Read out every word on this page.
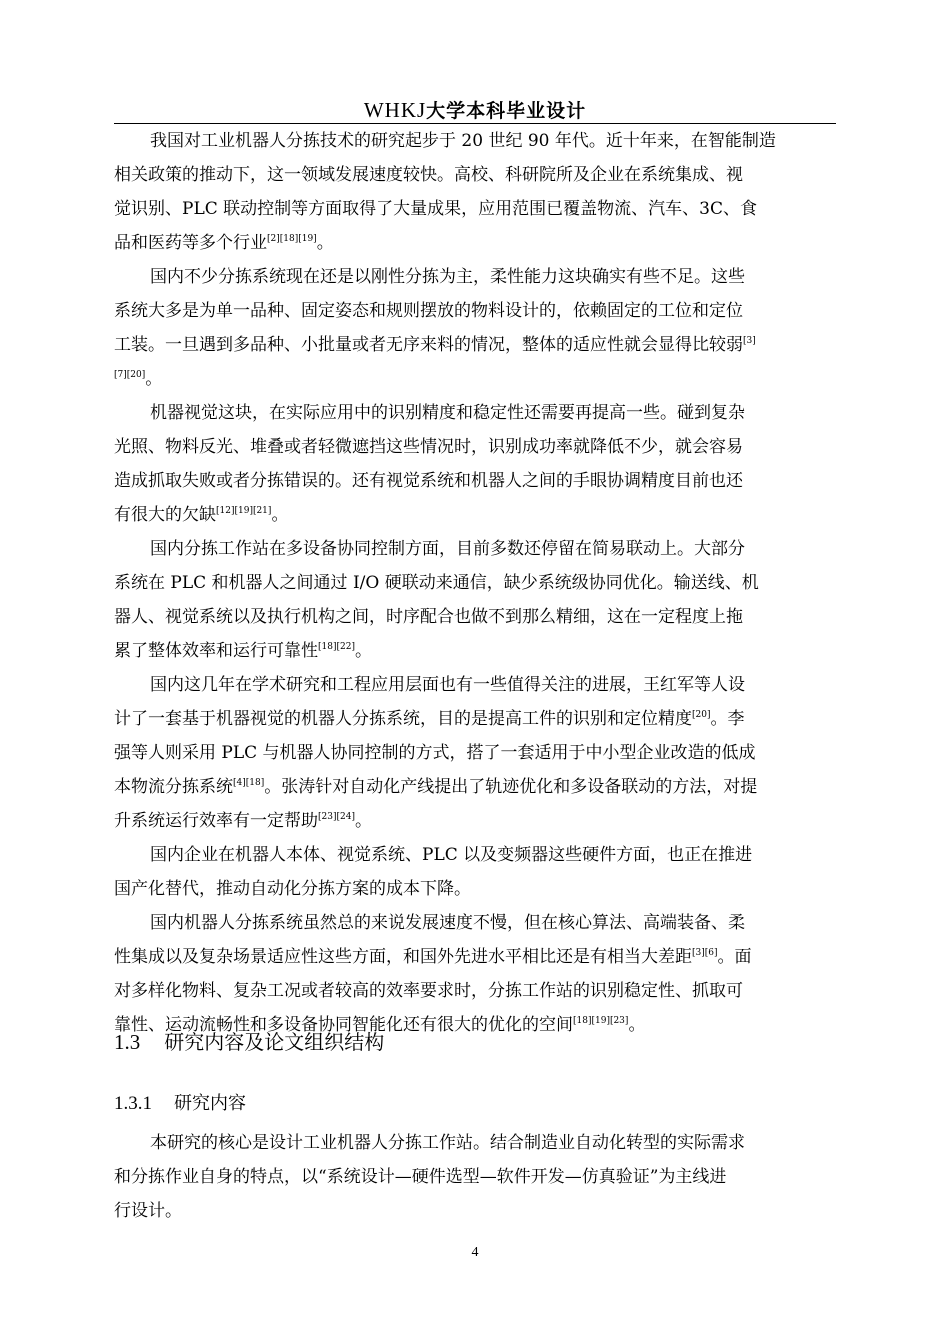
WHKJ大学本科毕业设计

我国对工业机器人分拣技术的研究起步于 20 世纪 90 年代。近十年来，在智能制造
相关政策的推动下，这一领域发展速度较快。高校、科研院所及企业在系统集成、视
觉识别、PLC 联动控制等方面取得了大量成果，应用范围已覆盖物流、汽车、3C、食
品和医药等多个行业[2][18][19]。

国内不少分拣系统现在还是以刚性分拣为主，柔性能力这块确实有些不足。这些
系统大多是为单一品种、固定姿态和规则摆放的物料设计的，依赖固定的工位和定位
工装。一旦遇到多品种、小批量或者无序来料的情况，整体的适应性就会显得比较弱[3]
[7][20]。

机器视觉这块，在实际应用中的识别精度和稳定性还需要再提高一些。碰到复杂
光照、物料反光、堆叠或者轻微遮挡这些情况时，识别成功率就降低不少，就会容易
造成抓取失败或者分拣错误的。还有视觉系统和机器人之间的手眼协调精度目前也还
有很大的欠缺[12][19][21]。

国内分拣工作站在多设备协同控制方面，目前多数还停留在简易联动上。大部分
系统在 PLC 和机器人之间通过 I/O 硬联动来通信，缺少系统级协同优化。输送线、机
器人、视觉系统以及执行机构之间，时序配合也做不到那么精细，这在一定程度上拖
累了整体效率和运行可靠性[18][22]。

国内这几年在学术研究和工程应用层面也有一些值得关注的进展，王红军等人设
计了一套基于机器视觉的机器人分拣系统，目的是提高工件的识别和定位精度[20]。李
强等人则采用 PLC 与机器人协同控制的方式，搭了一套适用于中小型企业改造的低成
本物流分拣系统[4][18]。张涛针对自动化产线提出了轨迹优化和多设备联动的方法，对提
升系统运行效率有一定帮助[23][24]。

国内企业在机器人本体、视觉系统、PLC 以及变频器这些硬件方面，也正在推进
国产化替代，推动自动化分拣方案的成本下降。

国内机器人分拣系统虽然总的来说发展速度不慢，但在核心算法、高端装备、柔
性集成以及复杂场景适应性这些方面，和国外先进水平相比还是有相当大差距[3][6]。面
对多样化物料、复杂工况或者较高的效率要求时，分拣工作站的识别稳定性、抓取可
靠性、运动流畅性和多设备协同智能化还有很大的优化的空间[18][19][23]。

1.3 研究内容及论文组织结构
1.3.1 研究内容

本研究的核心是设计工业机器人分拣工作站。结合制造业自动化转型的实际需求
和分拣作业自身的特点，以“系统设计—硬件选型—软件开发—仿真验证”为主线进
行设计。

4
